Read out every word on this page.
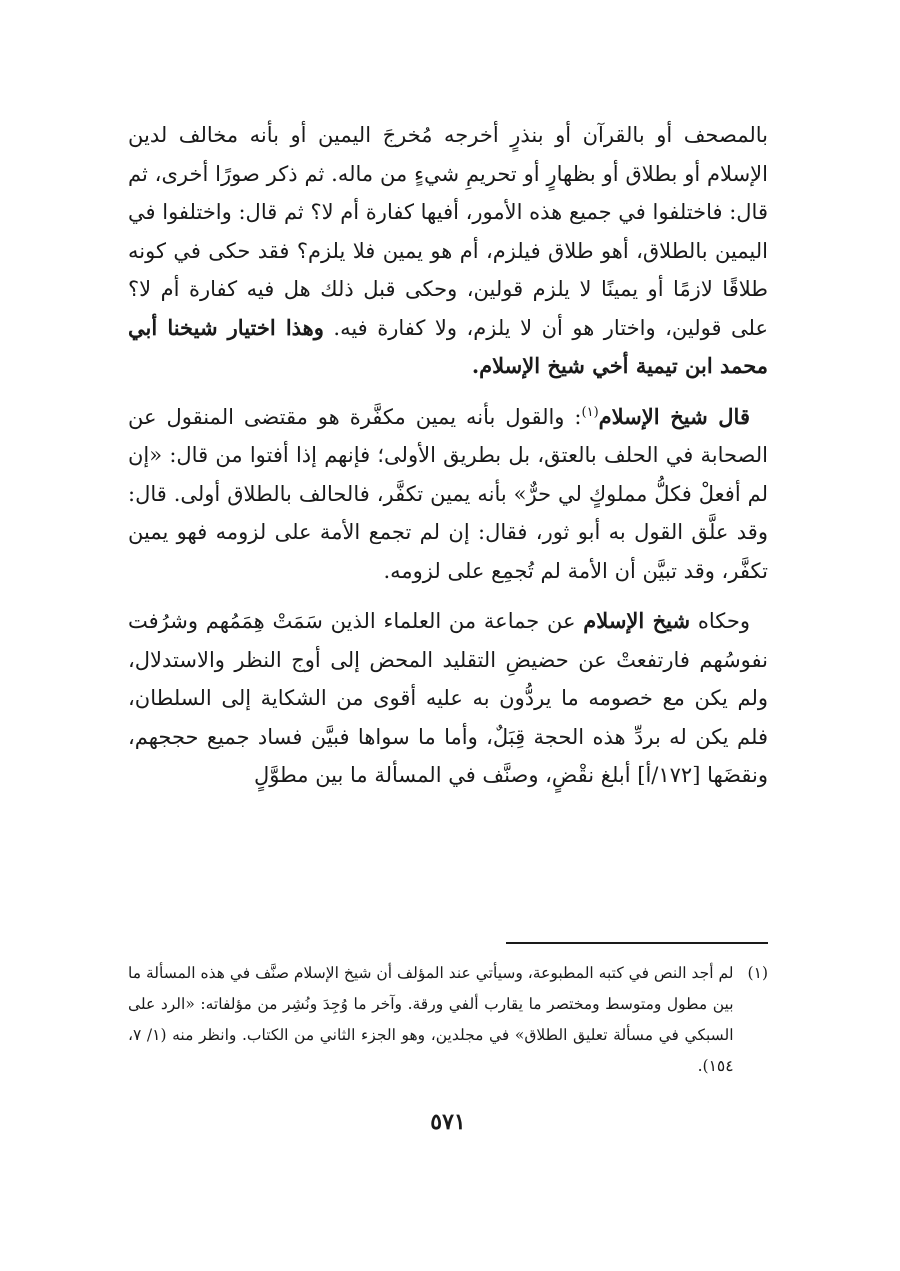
بالمصحف أو بالقرآن أو بنذرٍ أخرجه مُخرجَ اليمين أو بأنه مخالف لدين الإسلام أو بطلاق أو بظهارٍ أو تحريمِ شيءٍ من ماله. ثم ذكر صورًا أخرى، ثم قال: فاختلفوا في جميع هذه الأمور، أفيها كفارة أم لا؟ ثم قال: واختلفوا في اليمين بالطلاق، أهو طلاق فيلزم، أم هو يمين فلا يلزم؟ فقد حكى في كونه طلاقًا لازمًا أو يمينًا لا يلزم قولين، وحكى قبل ذلك هل فيه كفارة أم لا؟ على قولين، واختار هو أن لا يلزم، ولا كفارة فيه. وهذا اختيار شيخنا أبي محمد ابن تيمية أخي شيخ الإسلام.

قال شيخ الإسلام$^{(١)}$: والقول بأنه يمين مكفَّرة هو مقتضى المنقول عن الصحابة في الحلف بالعتق، بل بطريق الأولى؛ فإنهم إذا أفتوا من قال: «إن لم أفعلْ فكلُّ مملوكٍ لي حرٌّ» بأنه يمين تكفَّر، فالحالف بالطلاق أولى. قال: وقد علَّق القول به أبو ثور، فقال: إن لم تجمع الأمة على لزومه فهو يمين تكفَّر، وقد تبيَّن أن الأمة لم تُجمِع على لزومه.

وحكاه شيخ الإسلام عن جماعة من العلماء الذين سَمَتْ هِمَمُهم وشرُفت نفوسُهم فارتفعتْ عن حضيضِ التقليد المحض إلى أوج النظر والاستدلال، ولم يكن مع خصومه ما يردُّون به عليه أقوى من الشكاية إلى السلطان، فلم يكن له بردِّ هذه الحجة قِبَلٌ، وأما ما سواها فبيَّن فساد جميع حججهم، ونقضَها [١٧٢/أ] أبلغ نقْضٍ، وصنَّف في المسألة ما بين مطوَّلٍ

(١)
لم أجد النص في كتبه المطبوعة، وسيأتي عند المؤلف أن شيخ الإسلام صنَّف في هذه المسألة ما بين مطول ومتوسط ومختصر ما يقارب ألفي ورقة. وآخر ما وُجِدَ ونُشِر من مؤلفاته: «الرد على السبكي في مسألة تعليق الطلاق» في مجلدين، وهو الجزء الثاني من الكتاب. وانظر منه (١/ ٧، ١٥٤).
٥٧١
